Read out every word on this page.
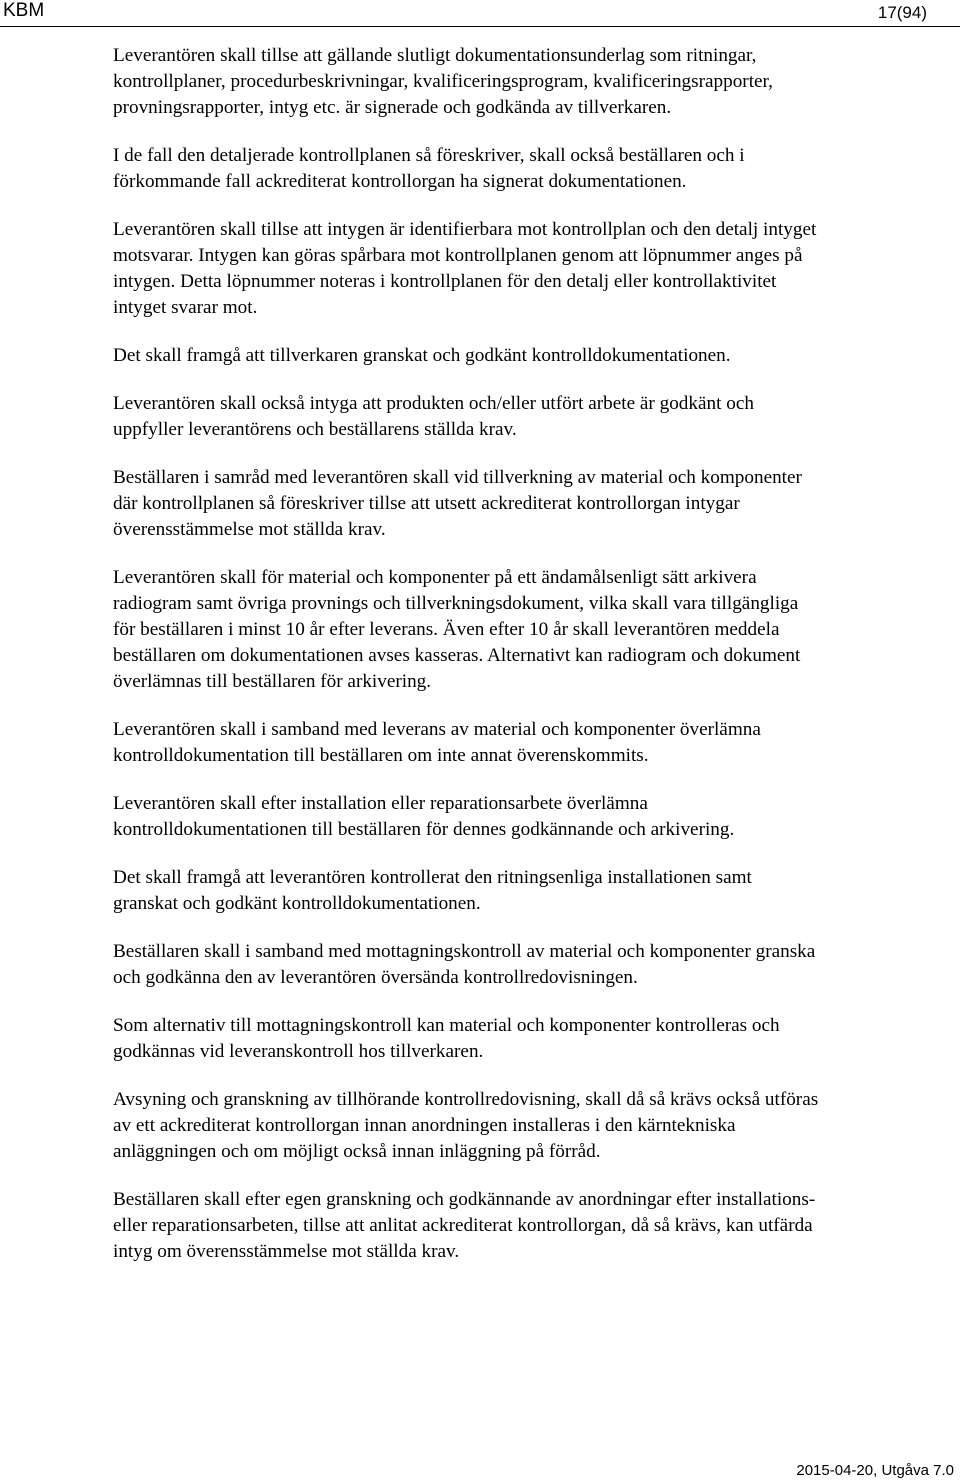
KBM	17(94)

Leverantören skall tillse att gällande slutligt dokumentationsunderlag som ritningar,
kontrollplaner, procedurbeskrivningar, kvalificeringsprogram, kvalificeringsrapporter,
provningsrapporter, intyg etc. är signerade och godkända av tillverkaren.

I de fall den detaljerade kontrollplanen så föreskriver, skall också beställaren och i
förkommande fall ackrediterat kontrollorgan ha signerat dokumentationen.

Leverantören skall tillse att intygen är identifierbara mot kontrollplan och den detalj intyget
motsvarar. Intygen kan göras spårbara mot kontrollplanen genom att löpnummer anges på
intygen. Detta löpnummer noteras i kontrollplanen för den detalj eller kontrollaktivitet
intyget svarar mot.

Det skall framgå att tillverkaren granskat och godkänt kontrolldokumentationen.

Leverantören skall också intyga att produkten och/eller utfört arbete är godkänt och
uppfyller leverantörens och beställarens ställda krav.

Beställaren i samråd med leverantören skall vid tillverkning av material och komponenter
där kontrollplanen så föreskriver tillse att utsett ackrediterat kontrollorgan intygar
överensstämmelse mot ställda krav.

Leverantören skall för material och komponenter på ett ändamålsenligt sätt arkivera
radiogram samt övriga provnings och tillverkningsdokument, vilka skall vara tillgängliga
för beställaren i minst 10 år efter leverans. Även efter 10 år skall leverantören meddela
beställaren om dokumentationen avses kasseras. Alternativt kan radiogram och dokument
överlämnas till beställaren för arkivering.

Leverantören skall i samband med leverans av material och komponenter överlämna
kontrolldokumentation till beställaren om inte annat överenskommits.

Leverantören skall efter installation eller reparationsarbete överlämna
kontrolldokumentationen till beställaren för dennes godkännande och arkivering.

Det skall framgå att leverantören kontrollerat den ritningsenliga installationen samt
granskat och godkänt kontrolldokumentationen.

Beställaren skall i samband med mottagningskontroll av material och komponenter granska
och godkänna den av leverantören översända kontrollredovisningen.

Som alternativ till mottagningskontroll kan material och komponenter kontrolleras och
godkännas vid leveranskontroll hos tillverkaren.

Avsyning och granskning av tillhörande kontrollredovisning, skall då så krävs också utföras
av ett ackrediterat kontrollorgan innan anordningen installeras i den kärntekniska
anläggningen och om möjligt också innan inläggning på förråd.

Beställaren skall efter egen granskning och godkännande av anordningar efter installations-
eller reparationsarbeten, tillse att anlitat ackrediterat kontrollorgan, då så krävs, kan utfärda
intyg om överensstämmelse mot ställda krav.

2015-04-20, Utgåva 7.0
